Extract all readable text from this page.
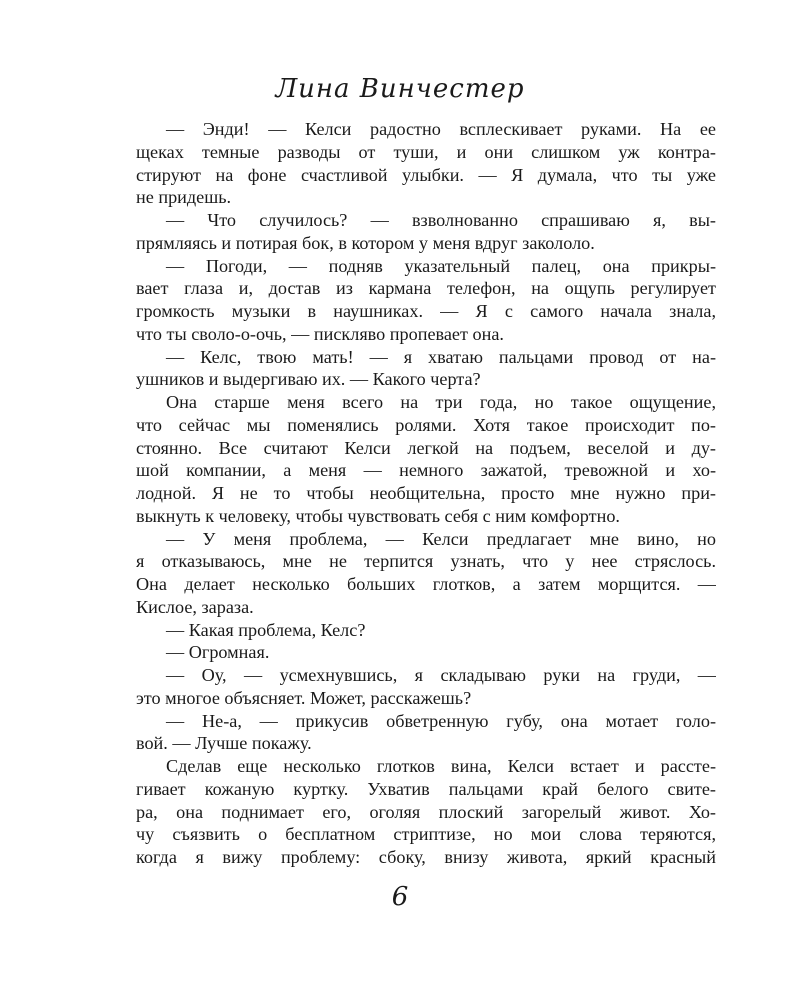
Лина Винчестер
— Энди! — Келси радостно всплескивает руками. На ее
щеках темные разводы от туши, и они слишком уж контра-
стируют на фоне счастливой улыбки. — Я думала, что ты уже
не придешь.
— Что случилось? — взволнованно спрашиваю я, вы-
прямляясь и потирая бок, в котором у меня вдруг закололо.
— Погоди, — подняв указательный палец, она прикры-
вает глаза и, достав из кармана телефон, на ощупь регулирует
громкость музыки в наушниках. — Я с самого начала знала,
что ты своло-о-очь, — пискляво пропевает она.
— Келс, твою мать! — я хватаю пальцами провод от на-
ушников и выдергиваю их. — Какого черта?
Она старше меня всего на три года, но такое ощущение,
что сейчас мы поменялись ролями. Хотя такое происходит по-
стоянно. Все считают Келси легкой на подъем, веселой и ду-
шой компании, а меня — немного зажатой, тревожной и хо-
лодной. Я не то чтобы необщительна, просто мне нужно при-
выкнуть к человеку, чтобы чувствовать себя с ним комфортно.
— У меня проблема, — Келси предлагает мне вино, но
я отказываюсь, мне не терпится узнать, что у нее стряслось.
Она делает несколько больших глотков, а затем морщится. —
Кислое, зараза.
— Какая проблема, Келс?
— Огромная.
— Оу, — усмехнувшись, я складываю руки на груди, —
это многое объясняет. Может, расскажешь?
— Не-а, — прикусив обветренную губу, она мотает голо-
вой. — Лучше покажу.
Сделав еще несколько глотков вина, Келси встает и рассте-
гивает кожаную куртку. Ухватив пальцами край белого свите-
ра, она поднимает его, оголяя плоский загорелый живот. Хо-
чу съязвить о бесплатном стриптизе, но мои слова теряются,
когда я вижу проблему: сбоку, внизу живота, яркий красный
6
